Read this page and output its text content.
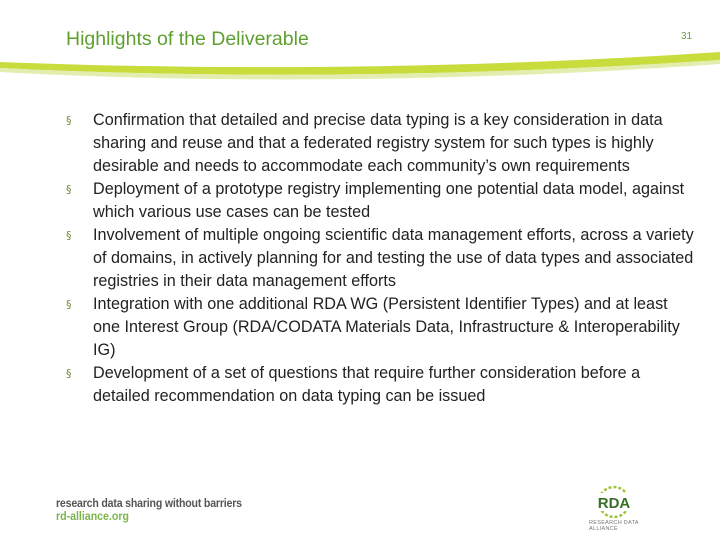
Highlights of the Deliverable	31
§ Confirmation that detailed and precise data typing is a key consideration in data sharing and reuse and that a federated registry system for such types is highly desirable and needs to accommodate each community’s own requirements
§ Deployment of a prototype registry implementing one potential data model, against which various use cases can be tested
§ Involvement of multiple ongoing scientific data management efforts, across a variety of domains, in actively planning for and testing the use of data types and associated registries in their data management efforts
§ Integration with one additional RDA WG (Persistent Identifier Types) and at least one Interest Group (RDA/CODATA Materials Data, Infrastructure & Interoperability IG)
§ Development of a set of questions that require further consideration before a detailed recommendation on data typing can be issued
research data sharing without barriers
rd-alliance.org
RDA
RESEARCH DATA ALLIANCE
